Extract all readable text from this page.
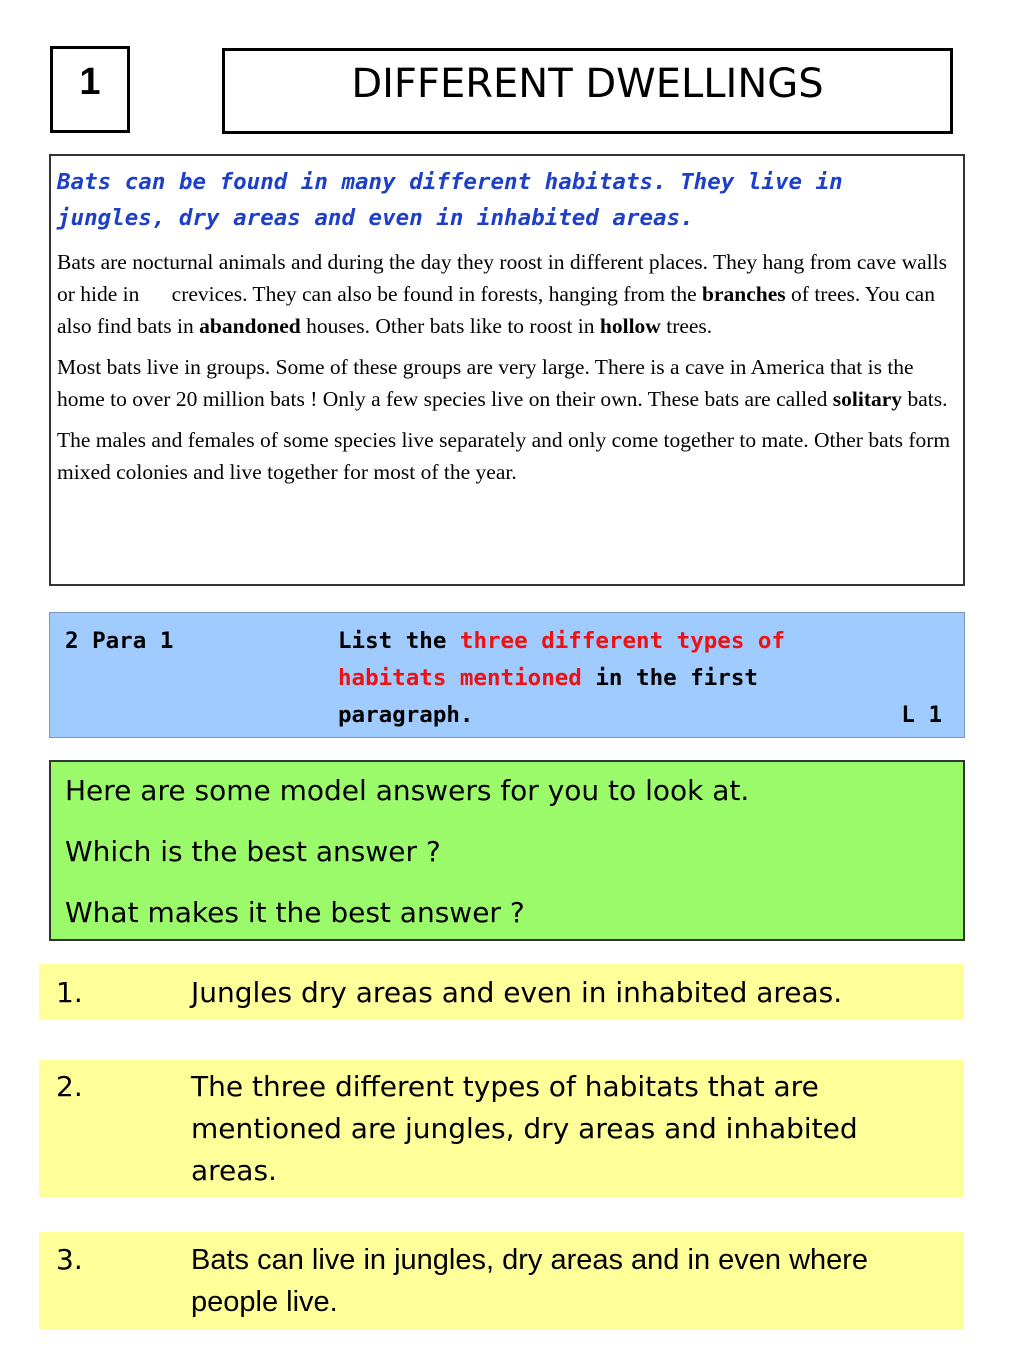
1	DIFFERENT DWELLINGS

Bats can be found in many different habitats. They live in jungles, dry areas and even in inhabited areas.

Bats are nocturnal animals and during the day they roost in different places. They hang from cave walls or hide in      crevices. They can also be found in forests, hanging from the branches of trees. You can also find bats in abandoned houses. Other bats like to roost in hollow trees.

Most bats live in groups. Some of these groups are very large. There is a cave in America that is the home to over 20 million bats ! Only a few species live on their own. These bats are called solitary bats.

The males and females of some species live separately and only come together to mate. Other bats form mixed colonies and live together for most of the year.

2 Para 1	List the three different types of habitats mentioned in the first paragraph.	L 1

Here are some model answers for you to look at.

Which is the best answer ?

What makes it the best answer ?

1.	Jungles dry areas and even in inhabited areas.
2.	The three different types of habitats that are mentioned are jungles, dry areas and inhabited areas.
3.	Bats can live in jungles, dry areas and in even where people live.
